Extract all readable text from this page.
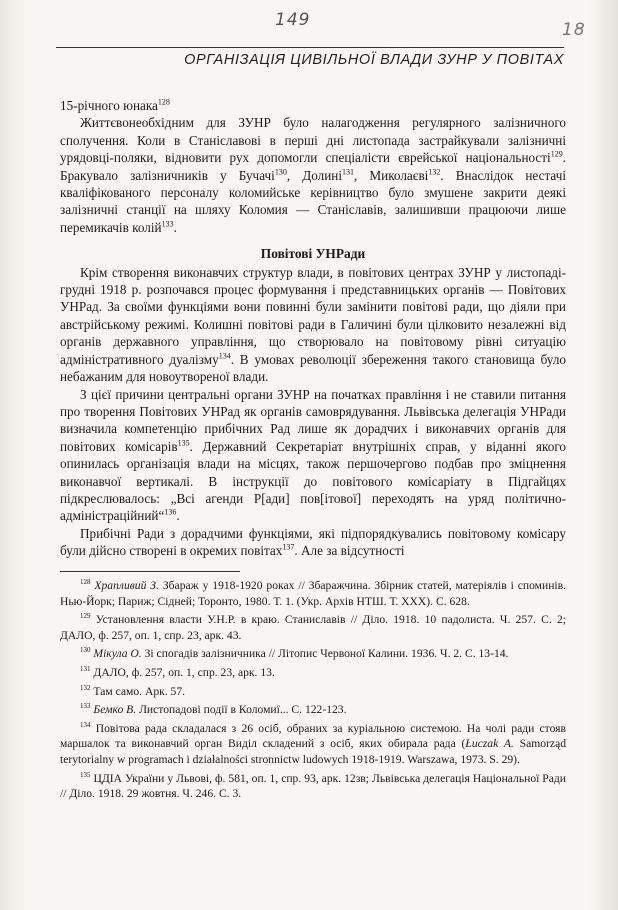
149	18
ОРГАНІЗАЦІЯ ЦИВІЛЬНОЇ ВЛАДИ ЗУНР У ПОВІТАХ

15-річного юнака$^{128}$

Життєвонеобхідним для ЗУНР було налагодження регулярного залізничного сполучення. Коли в Станіславові в перші дні листопада застрайкували залізничні урядовці-поляки, відновити рух допомогли спеціалісти єврейської національності$^{129}$. Бракувало залізничників у Бучачі$^{130}$, Долині$^{131}$, Миколаєві$^{132}$. Внаслідок нестачі кваліфікованого персоналу коломийське керівництво було змушене закрити деякі залізничні станції на шляху Коломия — Станіславів, залишивши працюючи лише перемикачів колій$^{133}$.

Повітові УНРади

Крім створення виконавчих структур влади, в повітових центрах ЗУНР у листопаді-грудні 1918 р. розпочався процес формування і представницьких органів — Повітових УНРад. За своїми функціями вони повинні були замінити повітові ради, що діяли при австрійському режимі. Колишні повітові ради в Галичині були цілковито незалежні від органів державного управління, що створювало на повітовому рівні ситуацію адміністративного дуалізму$^{134}$. В умовах революції збереження такого становища було небажаним для новоутвореної влади.

З цієї причини центральні органи ЗУНР на початках правління і не ставили питання про творення Повітових УНРад як органів самоврядування. Львівська делегація УНРади визначила компетенцію прибічних Рад лише як дорадчих і виконавчих органів для повітових комісарів$^{135}$. Державний Секретаріат внутрішніх справ, у віданні якого опинилась організація влади на місцях, також першочергово подбав про зміцнення виконавчої вертикалі. В інструкції до повітового комісаріату в Підгайцях підкреслювалось: „Всі агенди Р[ади] пов[ітової] переходять на уряд політично-адміністраційний“$^{136}$.

Прибічні Ради з дорадчими функціями, які підпорядкувались повітовому комісару були дійсно створені в окремих повітах$^{137}$. Але за відсутності

$^{128}$ Храпливий З. Збараж у 1918-1920 роках // Збаражчина. Збірник статей, матеріялів і споминів. Нью-Йорк; Париж; Сідней; Торонто, 1980. Т. 1. (Укр. Архів НТШ. Т. XXX). С. 628.

$^{129}$ Установлення власти У.Н.Р. в краю. Станиславів // Діло. 1918. 10 падолиста. Ч. 257. С. 2; ДАЛО, ф. 257, оп. 1, спр. 23, арк. 43.

$^{130}$ Мікула О. Зі спогадів залізничника // Літопис Червоної Калини. 1936. Ч. 2. С. 13-14.

$^{131}$ ДАЛО, ф. 257, оп. 1, спр. 23, арк. 13.

$^{132}$ Там само. Арк. 57.

$^{133}$ Бемко В. Листопадові події в Коломиї... С. 122-123.

$^{134}$ Повітова рада складалася з 26 осіб, обраних за куріальною системою. На чолі ради стояв маршалок та виконавчий орган Виділ складений з осіб, яких обирала рада (Łuczak A. Samorząd terytorialny w programach i działalności stronnictw ludowych 1918-1919. Warszawa, 1973. S. 29).

$^{135}$ ЦДІА України у Львові, ф. 581, оп. 1, спр. 93, арк. 12зв; Львівська делегація Національної Ради // Діло. 1918. 29 жовтня. Ч. 246. С. 3.
